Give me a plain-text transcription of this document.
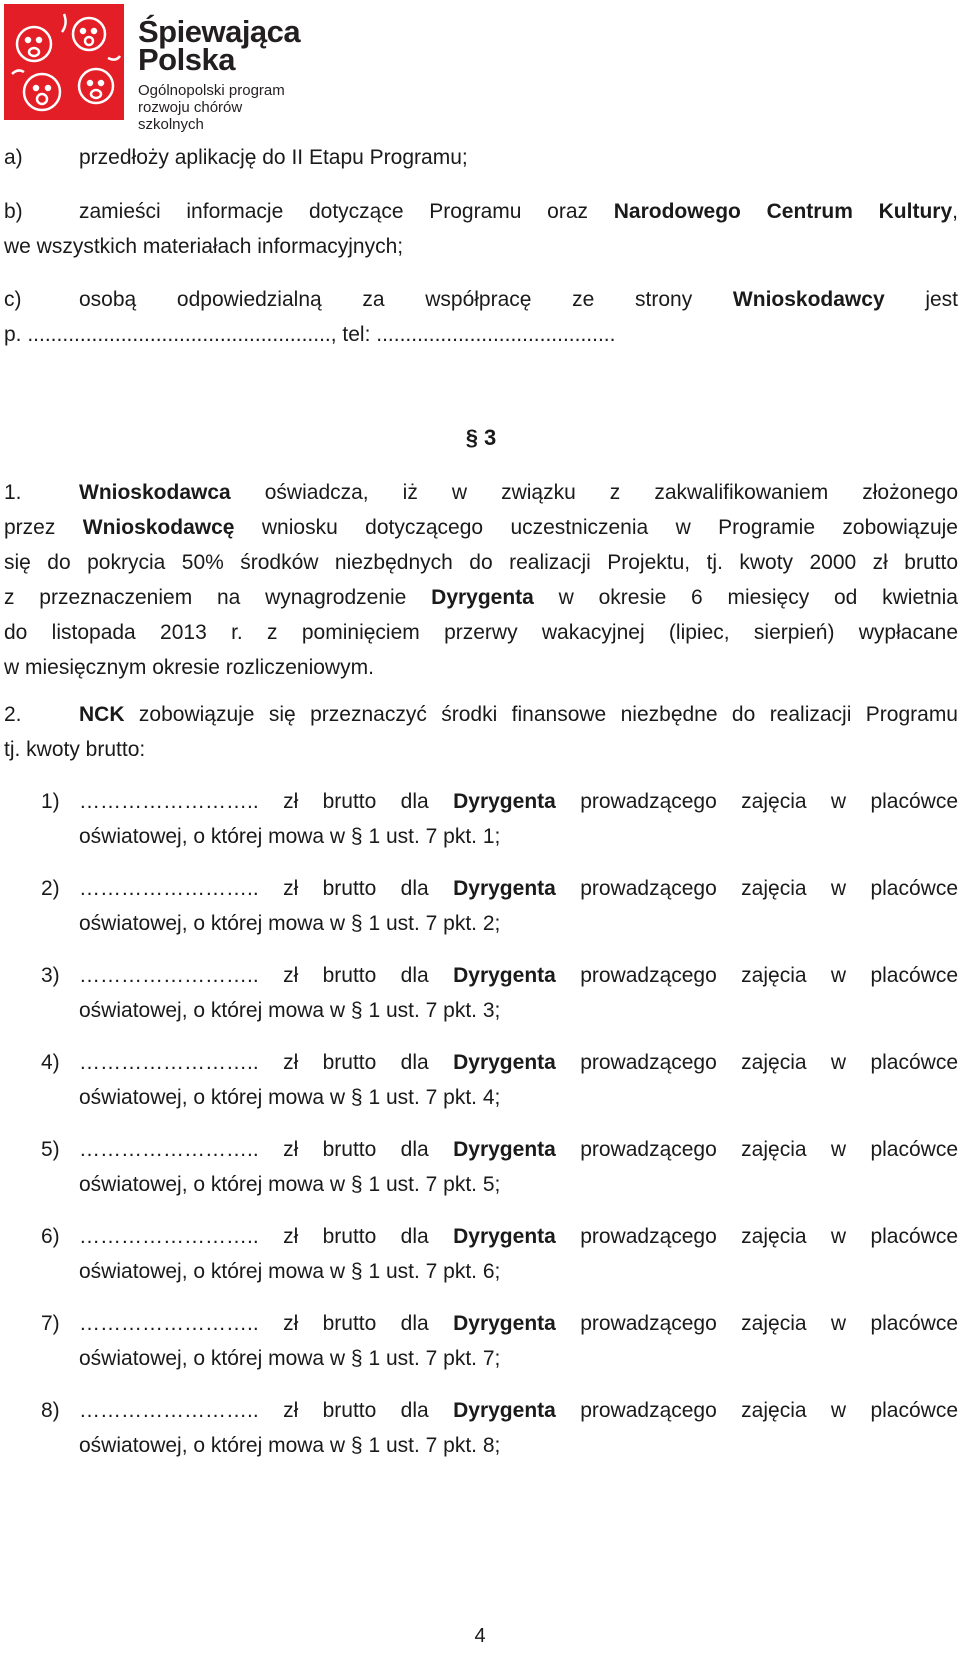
Śpiewająca
Polska
Ogólnopolski program
rozwoju chórów szkolnych
a)	przedłoży aplikację do II Etapu Programu;
b)	zamieści informacje dotyczące Programu oraz Narodowego Centrum Kultury,
we wszystkich materiałach informacyjnych;
c)	osobą odpowiedzialną za współpracę ze strony Wnioskodawcy jest
p. ...................................................., tel: .........................................
§ 3
1.	Wnioskodawca oświadcza, iż w związku z zakwalifikowaniem złożonego
przez Wnioskodawcę wniosku dotyczącego uczestniczenia w Programie zobowiązuje
się do pokrycia 50% środków niezbędnych do realizacji Projektu, tj. kwoty 2000 zł brutto
z przeznaczeniem na wynagrodzenie Dyrygenta w okresie 6 miesięcy od kwietnia
do listopada 2013 r. z pominięciem przerwy wakacyjnej (lipiec, sierpień) wypłacane
w miesięcznym okresie rozliczeniowym.
2.	NCK zobowiązuje się przeznaczyć środki finansowe niezbędne do realizacji Programu
tj. kwoty brutto:
1) …………………….. zł brutto dla Dyrygenta prowadzącego zajęcia w placówce
oświatowej, o której mowa w § 1 ust. 7 pkt. 1;
2) …………………….. zł brutto dla Dyrygenta prowadzącego zajęcia w placówce
oświatowej, o której mowa w § 1 ust. 7 pkt. 2;
3) …………………….. zł brutto dla Dyrygenta prowadzącego zajęcia w placówce
oświatowej, o której mowa w § 1 ust. 7 pkt. 3;
4) …………………….. zł brutto dla Dyrygenta prowadzącego zajęcia w placówce
oświatowej, o której mowa w § 1 ust. 7 pkt. 4;
5) …………………….. zł brutto dla Dyrygenta prowadzącego zajęcia w placówce
oświatowej, o której mowa w § 1 ust. 7 pkt. 5;
6) …………………….. zł brutto dla Dyrygenta prowadzącego zajęcia w placówce
oświatowej, o której mowa w § 1 ust. 7 pkt. 6;
7) …………………….. zł brutto dla Dyrygenta prowadzącego zajęcia w placówce
oświatowej, o której mowa w § 1 ust. 7 pkt. 7;
8) …………………….. zł brutto dla Dyrygenta prowadzącego zajęcia w placówce
oświatowej, o której mowa w § 1 ust. 7 pkt. 8;
4
